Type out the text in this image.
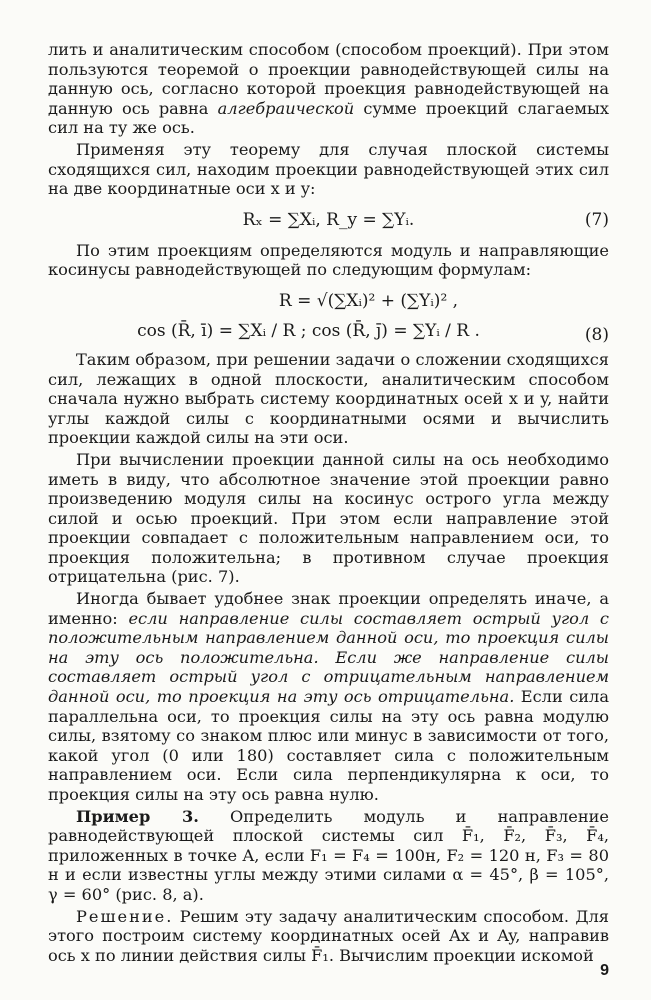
лить и аналитическим способом (способом проекций). При этом пользуются теоремой о проекции равнодействующей силы на данную ось, согласно которой проекция равнодействующей на данную ось равна алгебраической сумме проекций слагаемых сил на ту же ось.

Применяя эту теорему для случая плоской системы сходящихся сил, находим проекции равнодействующей этих сил на две координатные оси x и y:

Rₓ = ∑Xᵢ, R_y = ∑Yᵢ.	(7)

По этим проекциям определяются модуль и направляющие косинусы равнодействующей по следующим формулам:

R = √(∑Xᵢ)² + (∑Yᵢ)² ,
cos (R̄, ī) = ∑Xᵢ / R ; cos (R̄, j̄) = ∑Yᵢ / R .	(8)

Таким образом, при решении задачи о сложении сходящихся сил, лежащих в одной плоскости, аналитическим способом сначала нужно выбрать систему координатных осей x и y, найти углы каждой силы с координатными осями и вычислить проекции каждой силы на эти оси.

При вычислении проекции данной силы на ось необходимо иметь в виду, что абсолютное значение этой проекции равно произведению модуля силы на косинус острого угла между силой и осью проекций. При этом если направление этой проекции совпадает с положительным направлением оси, то проекция положительна; в противном случае проекция отрицательна (рис. 7).

Иногда бывает удобнее знак проекции определять иначе, а именно: если направление силы составляет острый угол с положительным направлением данной оси, то проекция силы на эту ось положительна. Если же направление силы составляет острый угол с отрицательным направлением данной оси, то проекция на эту ось отрицательна. Если сила параллельна оси, то проекция силы на эту ось равна модулю силы, взятому со знаком плюс или минус в зависимости от того, какой угол (0 или 180) составляет сила с положительным направлением оси. Если сила перпендикулярна к оси, то проекция силы на эту ось равна нулю.

Пример 3. Определить модуль и направление равнодействующей плоской системы сил F̄₁, F̄₂, F̄₃, F̄₄, приложенных в точке A, если F₁ = F₄ = 100н, F₂ = 120 н, F₃ = 80 н и если известны углы между этими силами α = 45°, β = 105°, γ = 60° (рис. 8, а).

Решение. Решим эту задачу аналитическим способом. Для этого построим систему координатных осей Ax и Ay, направив ось x по линии действия силы F̄₁. Вычислим проекции искомой

9
